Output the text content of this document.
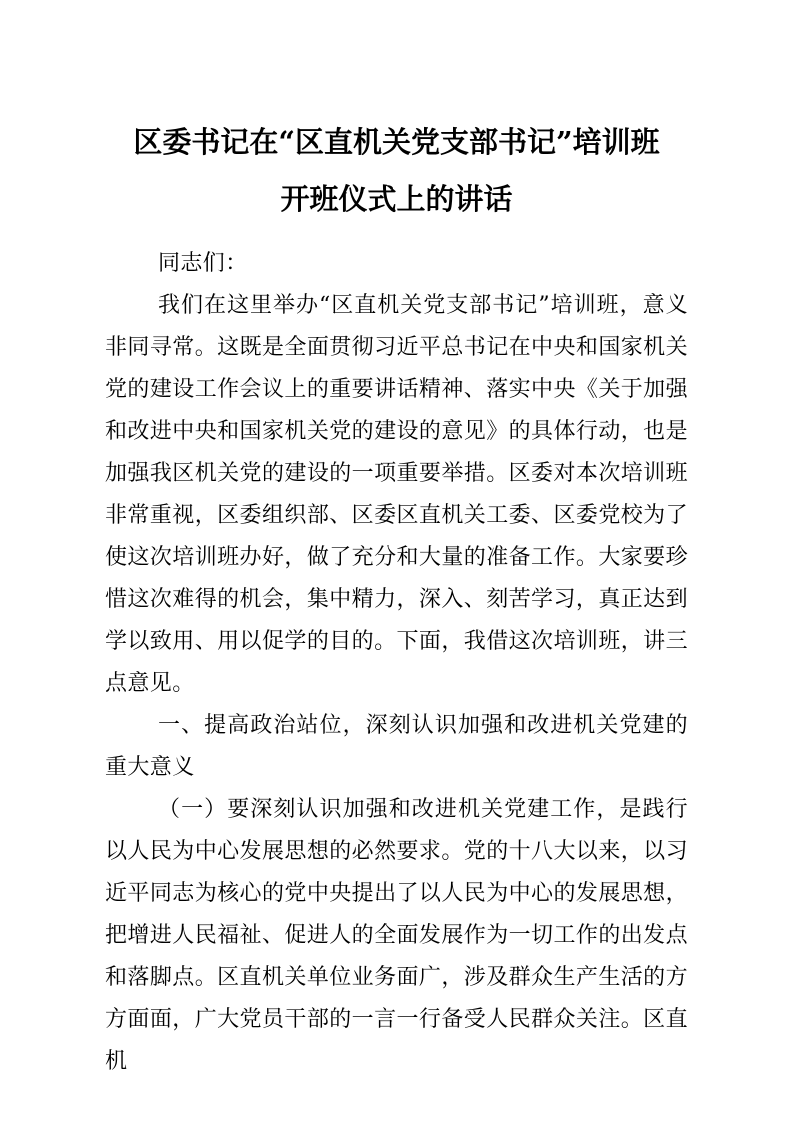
区委书记在“区直机关党支部书记”培训班
开班仪式上的讲话

同志们：

我们在这里举办“区直机关党支部书记”培训班，意义非同寻常。这既是全面贯彻习近平总书记在中央和国家机关党的建设工作会议上的重要讲话精神、落实中央《关于加强和改进中央和国家机关党的建设的意见》的具体行动，也是加强我区机关党的建设的一项重要举措。区委对本次培训班非常重视，区委组织部、区委区直机关工委、区委党校为了使这次培训班办好，做了充分和大量的准备工作。大家要珍惜这次难得的机会，集中精力，深入、刻苦学习，真正达到学以致用、用以促学的目的。下面，我借这次培训班，讲三点意见。

一、提高政治站位，深刻认识加强和改进机关党建的重大意义

（一）要深刻认识加强和改进机关党建工作，是践行以人民为中心发展思想的必然要求。党的十八大以来，以习近平同志为核心的党中央提出了以人民为中心的发展思想，把增进人民福祉、促进人的全面发展作为一切工作的出发点和落脚点。区直机关单位业务面广，涉及群众生产生活的方方面面，广大党员干部的一言一行备受人民群众关注。区直机
